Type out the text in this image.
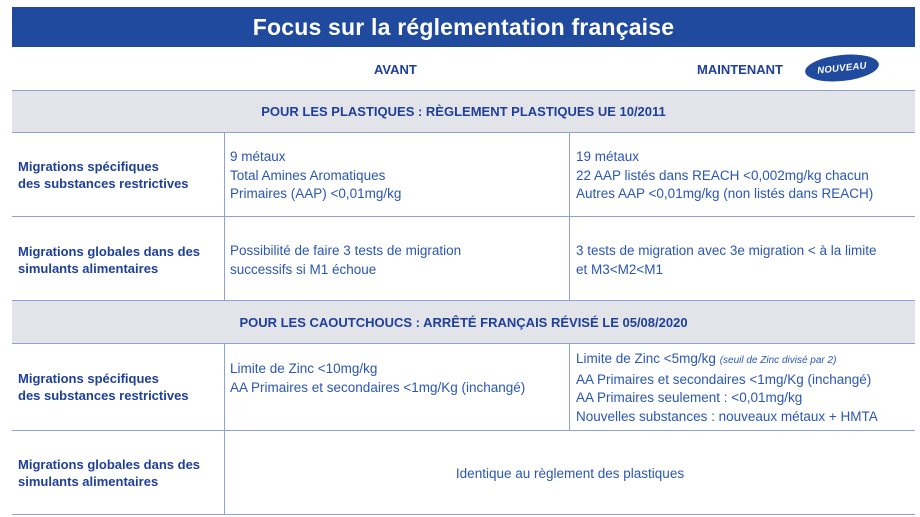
Focus sur la réglementation française
AVANT	MAINTENANT	NOUVEAU
POUR LES PLASTIQUES : RÈGLEMENT PLASTIQUES UE 10/2011
POUR LES CAOUTCHOUCS : ARRÊTÉ FRANÇAIS RÉVISÉ LE 05/08/2020
Migrations spécifiques
des substances restrictives
9 métaux
Total Amines Aromatiques
Primaires (AAP) <0,01mg/kg
19 métaux
22 AAP listés dans REACH <0,002mg/kg chacun
Autres AAP <0,01mg/kg (non listés dans REACH)
Migrations globales dans des
simulants alimentaires
Possibilité de faire 3 tests de migration
successifs si M1 échoue
3 tests de migration avec 3e migration < à la limite
et M3<M2<M1
Migrations spécifiques
des substances restrictives
Limite de Zinc <10mg/kg
AA Primaires et secondaires <1mg/Kg (inchangé)
Limite de Zinc <5mg/kg (seuil de Zinc divisé par 2)
AA Primaires et secondaires <1mg/Kg (inchangé)
AA Primaires seulement : <0,01mg/kg
Nouvelles substances : nouveaux métaux + HMTA
Migrations globales dans des
simulants alimentaires
Identique au règlement des plastiques
